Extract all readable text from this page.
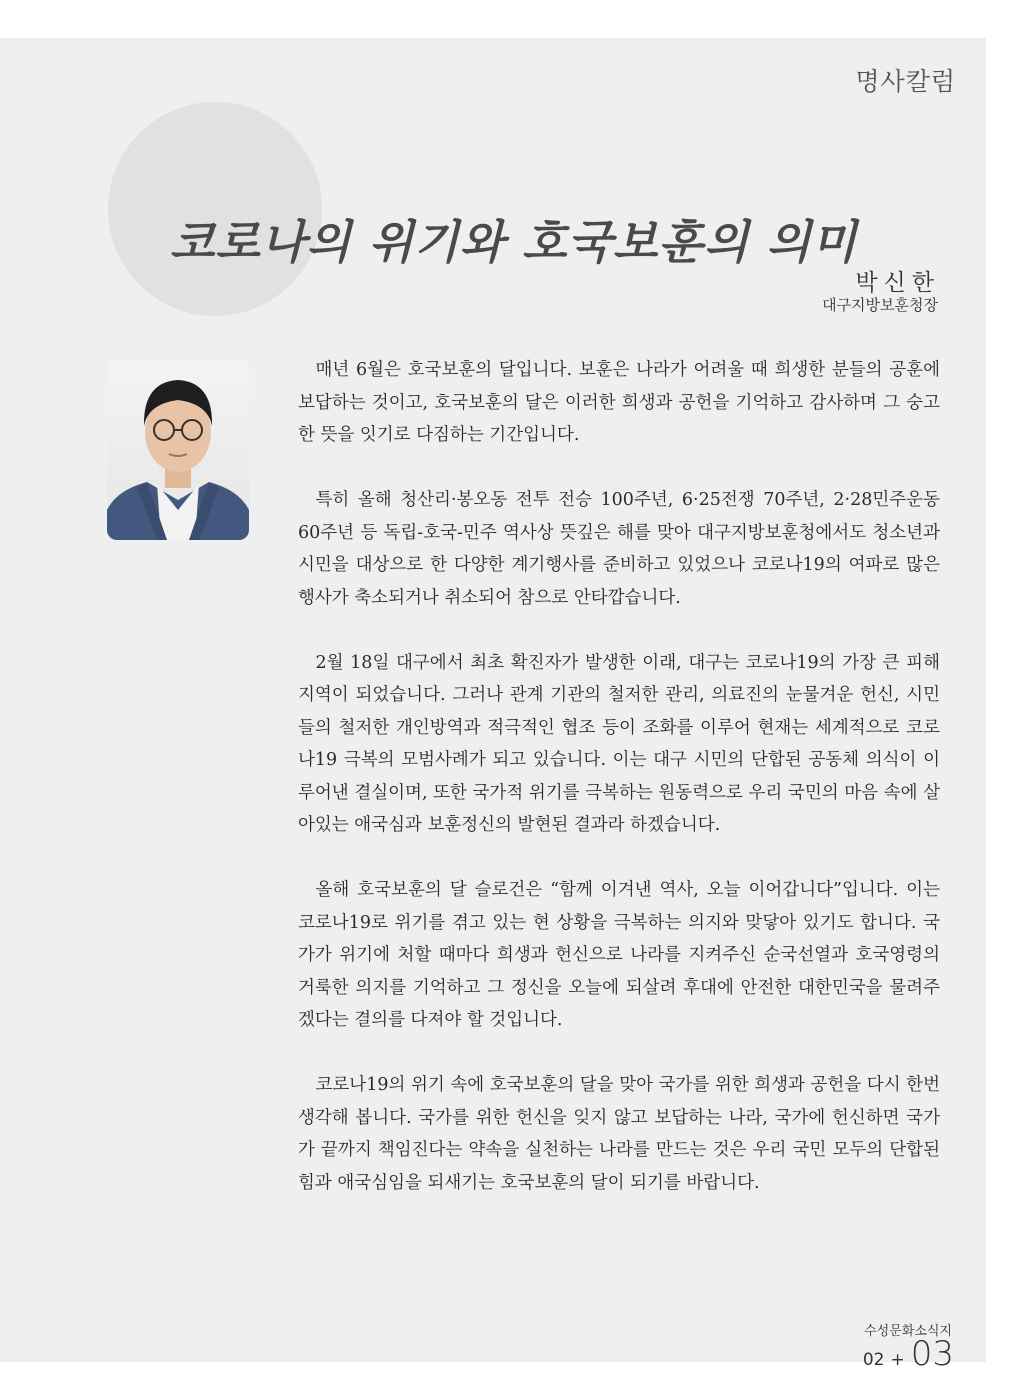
명사칼럼
코로나의 위기와 호국보훈의 의미
박신한
대구지방보훈청장

매년 6월은 호국보훈의 달입니다. 보훈은 나라가 어려울 때 희생한 분들의 공훈에 보답하는 것이고, 호국보훈의 달은 이러한 희생과 공헌을 기억하고 감사하며 그 숭고한 뜻을 잇기로 다짐하는 기간입니다.

특히 올해 청산리·봉오동 전투 전승 100주년, 6·25전쟁 70주년, 2·28민주운동 60주년 등 독립-호국-민주 역사상 뜻깊은 해를 맞아 대구지방보훈청에서도 청소년과 시민을 대상으로 한 다양한 계기행사를 준비하고 있었으나 코로나19의 여파로 많은 행사가 축소되거나 취소되어 참으로 안타깝습니다.

2월 18일 대구에서 최초 확진자가 발생한 이래, 대구는 코로나19의 가장 큰 피해 지역이 되었습니다. 그러나 관계 기관의 철저한 관리, 의료진의 눈물겨운 헌신, 시민들의 철저한 개인방역과 적극적인 협조 등이 조화를 이루어 현재는 세계적으로 코로나19 극복의 모범사례가 되고 있습니다. 이는 대구 시민의 단합된 공동체 의식이 이루어낸 결실이며, 또한 국가적 위기를 극복하는 원동력으로 우리 국민의 마음 속에 살아있는 애국심과 보훈정신의 발현된 결과라 하겠습니다.

올해 호국보훈의 달 슬로건은 “함께 이겨낸 역사, 오늘 이어갑니다”입니다. 이는 코로나19로 위기를 겪고 있는 현 상황을 극복하는 의지와 맞닿아 있기도 합니다. 국가가 위기에 처할 때마다 희생과 헌신으로 나라를 지켜주신 순국선열과 호국영령의 거룩한 의지를 기억하고 그 정신을 오늘에 되살려 후대에 안전한 대한민국을 물려주겠다는 결의를 다져야 할 것입니다.

코로나19의 위기 속에 호국보훈의 달을 맞아 국가를 위한 희생과 공헌을 다시 한번 생각해 봅니다. 국가를 위한 헌신을 잊지 않고 보답하는 나라, 국가에 헌신하면 국가가 끝까지 책임진다는 약속을 실천하는 나라를 만드는 것은 우리 국민 모두의 단합된 힘과 애국심임을 되새기는 호국보훈의 달이 되기를 바랍니다.

수성문화소식지
02 + 03
